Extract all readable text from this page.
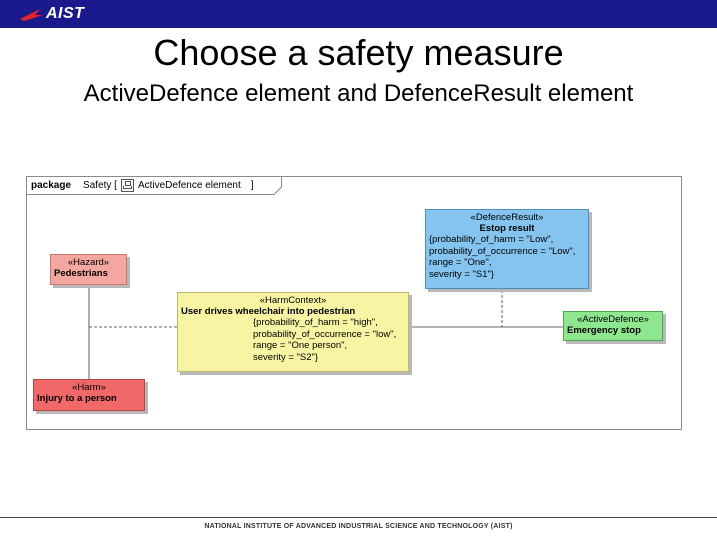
AIST
Choose a safety measure
ActiveDefence element and DefenceResult element
package Safety [ ActiveDefence element ]
«Hazard»
Pedestrians
«Harm»
Injury to a person
«HarmContext»
User drives wheelchair into pedestrian
{probability_of_harm = "high",
probability_of_occurrence = "low",
range = "One person",
severity = "S2"}
«DefenceResult»
Estop result
{probability_of_harm = "Low",
probability_of_occurrence = "Low",
range = "One",
severity = "S1"}
«ActiveDefence»
Emergency stop
NATIONAL INSTITUTE OF ADVANCED INDUSTRIAL SCIENCE AND TECHNOLOGY (AIST)
